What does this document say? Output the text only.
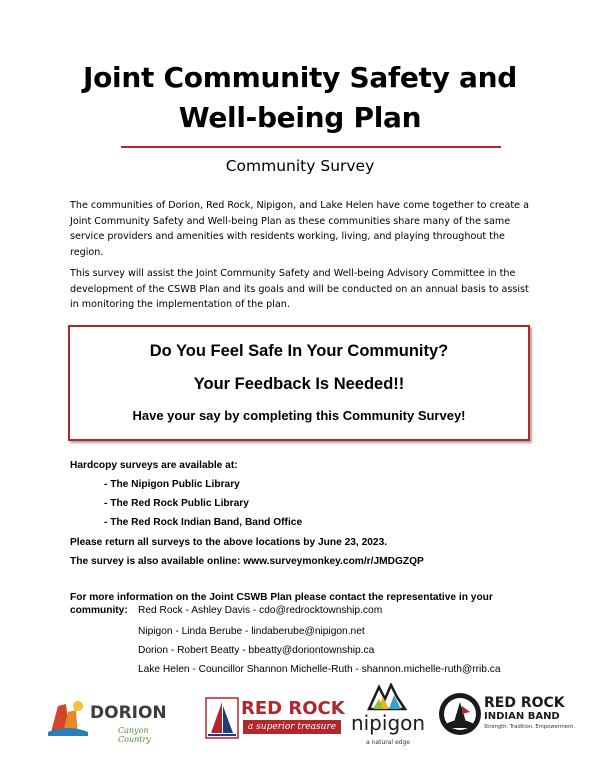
Joint Community Safety and
Well-being Plan
Community Survey
The communities of Dorion, Red Rock, Nipigon, and Lake Helen have come together to create a Joint Community Safety and Well-being Plan as these communities share many of the same service providers and amenities with residents working, living, and playing throughout the region.
This survey will assist the Joint Community Safety and Well-being Advisory Committee in the development of the CSWB Plan and its goals and will be conducted on an annual basis to assist in monitoring the implementation of the plan.
Do You Feel Safe In Your Community?
Your Feedback Is Needed!!
Have your say by completing this Community Survey!
Hardcopy surveys are available at:
- The Nipigon Public Library
- The Red Rock Public Library
- The Red Rock Indian Band, Band Office
Please return all surveys to the above locations by June 23, 2023.
The survey is also available online: www.surveymonkey.com/r/JMDGZQP
For more information on the Joint CSWB Plan please contact the representative in your
community: Red Rock - Ashley Davis - cdo@redrocktownship.com
Nipigon - Linda Berube - lindaberube@nipigon.net
Dorion - Robert Beatty - bbeatty@doriontownship.ca
Lake Helen - Councillor Shannon Michelle-Ruth - shannon.michelle-ruth@rrib.ca
DORION
Canyon Country
RED ROCK
a superior treasure nipigon
a natural edge
RED ROCK
INDIAN BAND
Strength. Tradition. Empowerment.
